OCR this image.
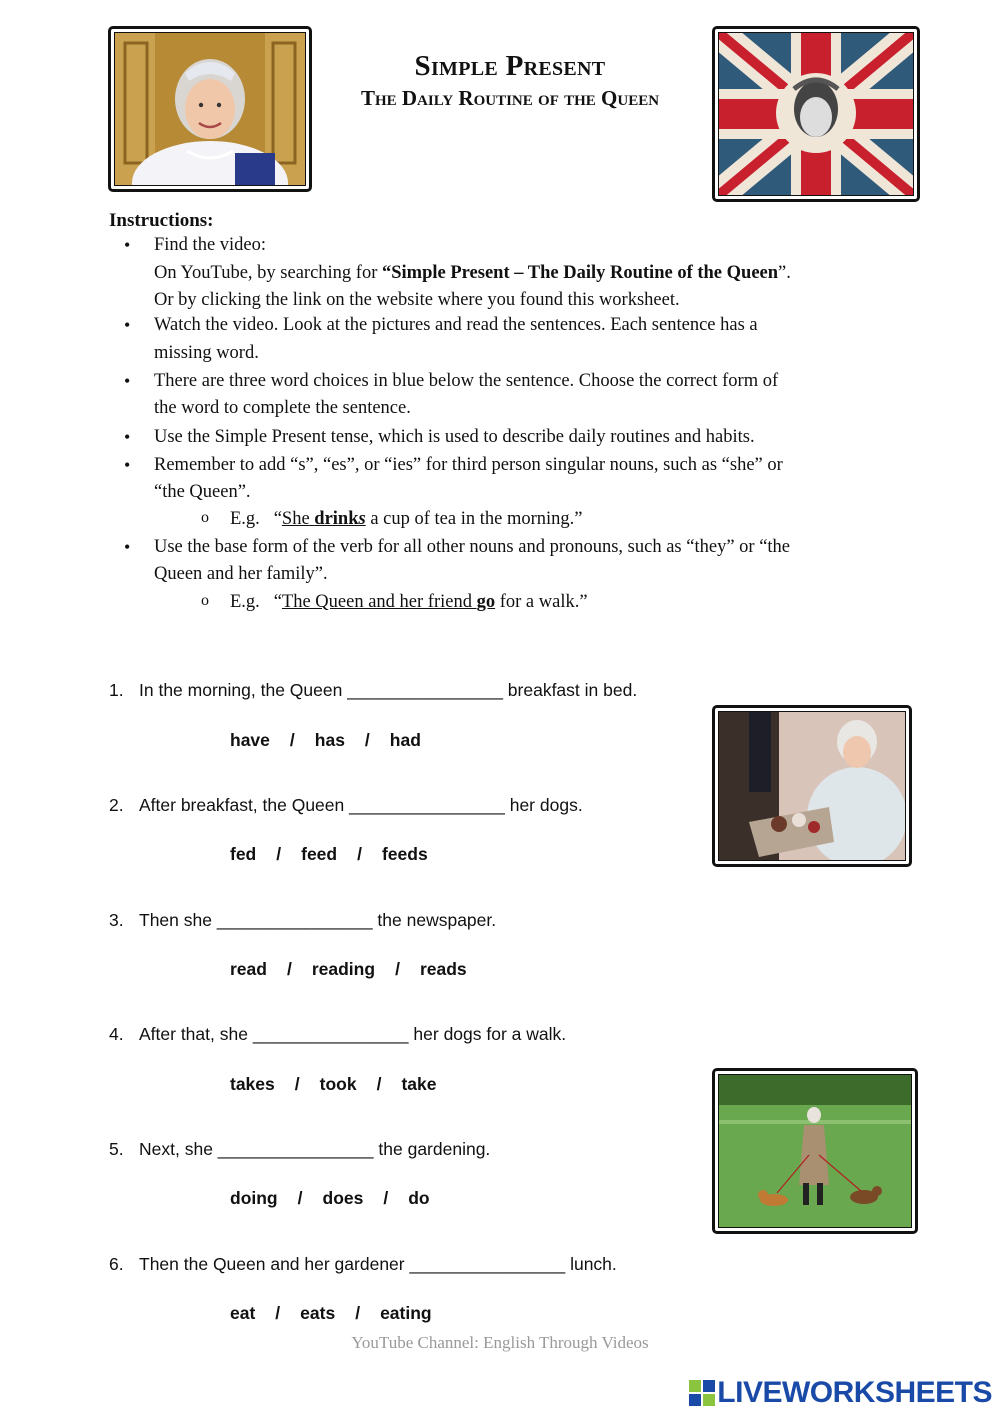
Simple Present
The Daily Routine of the Queen
Instructions:
• Find the video:
On YouTube, by searching for “Simple Present – The Daily Routine of the Queen”.
Or by clicking the link on the website where you found this worksheet.
• Watch the video. Look at the pictures and read the sentences. Each sentence has a
missing word.
• There are three word choices in blue below the sentence. Choose the correct form of
the word to complete the sentence.
• Use the Simple Present tense, which is used to describe daily routines and habits.
• Remember to add “s”, “es”, or “ies” for third person singular nouns, such as “she” or
“the Queen”.
o E.g. “She drinks a cup of tea in the morning.”
• Use the base form of the verb for all other nouns and pronouns, such as “they” or “the
Queen and her family”.
o E.g. “The Queen and her friend go for a walk.”
1. In the morning, the Queen ________________ breakfast in bed.
have / has / had
2. After breakfast, the Queen ________________ her dogs.
fed / feed / feeds
3. Then she ________________ the newspaper.
read / reading / reads
4. After that, she ________________ her dogs for a walk.
takes / took / take
5. Next, she ________________ the gardening.
doing / does / do
6. Then the Queen and her gardener ________________ lunch.
eat / eats / eating
YouTube Channel: English Through Videos
LIVEWORKSHEETS
